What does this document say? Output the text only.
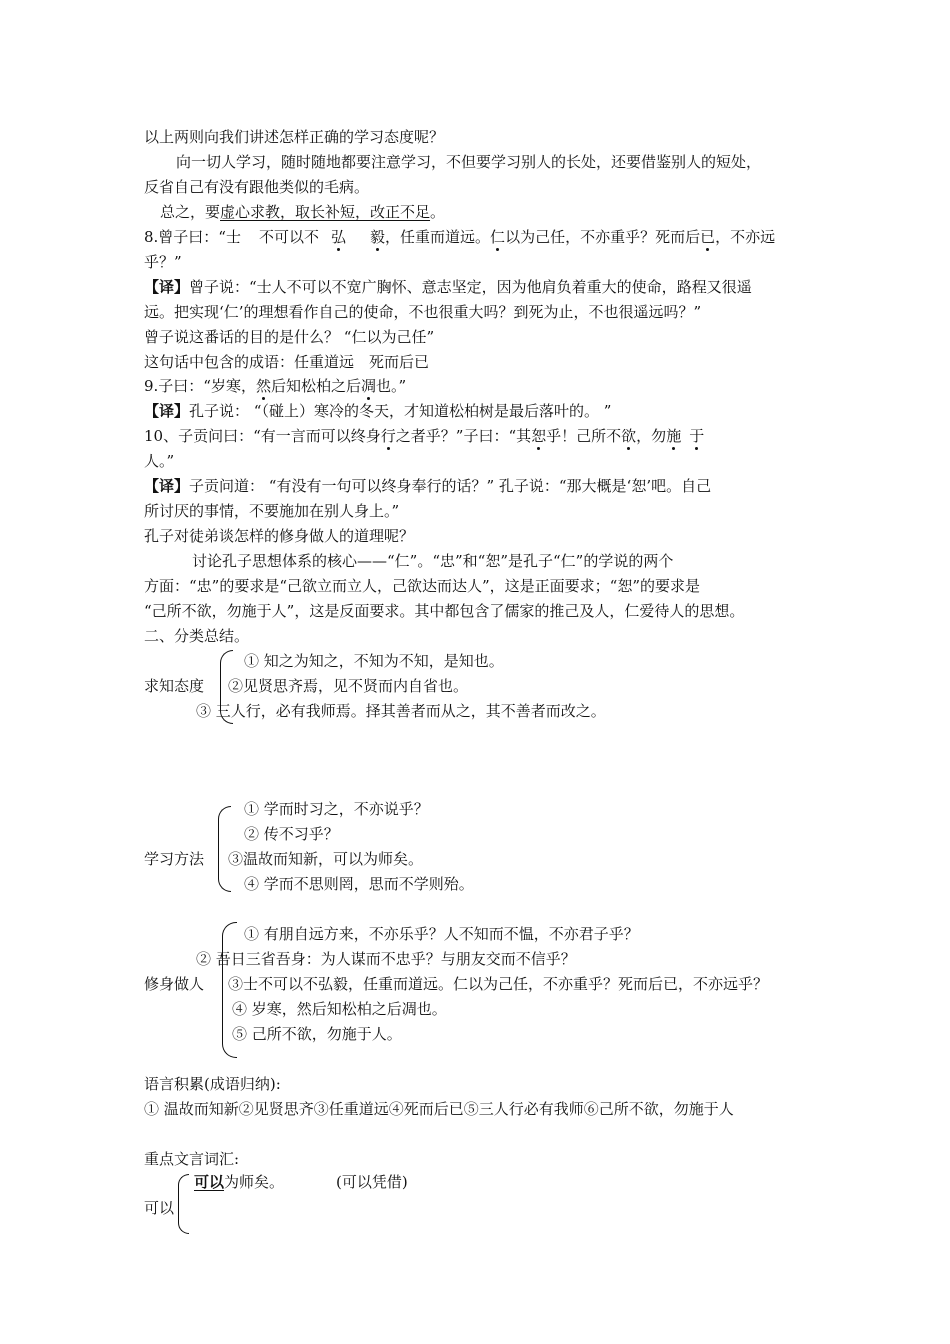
以上两则向我们讲述怎样正确的学习态度呢？
向一切人学习，随时随地都要注意学习，不但要学习别人的长处，还要借鉴别人的短处，
反省自己有没有跟他类似的毛病。
总之，要虚心求教，取长补短，改正不足。
8.曾子曰：“士 不可以不 弘 毅，任重而道远。仁以为己任，不亦重乎？死而后已，不亦远
乎？”
【译】曾子说：“士人不可以不宽广胸怀、意志坚定，因为他肩负着重大的使命，路程又很遥
远。把实现‘仁’的理想看作自己的使命，不也很重大吗？到死为止，不也很遥远吗？”
曾子说这番话的目的是什么？ “仁以为己任”
这句话中包含的成语：任重道远　死而后已
9.子曰：“岁寒，然后知松柏之后凋也。”
【译】孔子说： “（碰上）寒冷的冬天，才知道松柏树是最后落叶的。 ”
10、子贡问曰：“有一言而可以终身行之者乎？”子曰：“其恕乎！己所不欲，勿施 于
人。”
【译】子贡问道： “有没有一句可以终身奉行的话？” 孔子说：“那大概是‘恕’吧。自己
所讨厌的事情，不要施加在别人身上。”
孔子对徒弟谈怎样的修身做人的道理呢？
讨论孔子思想体系的核心——“仁”。“忠”和“恕”是孔子“仁”的学说的两个
方面：“忠”的要求是“己欲立而立人，己欲达而达人”，这是正面要求；“恕”的要求是
“己所不欲，勿施于人”，这是反面要求。其中都包含了儒家的推己及人，仁爱待人的思想。
二、分类总结。
求知态度
① 知之为知之，不知为不知，是知也。
②见贤思齐焉，见不贤而内自省也。
③ 三人行，必有我师焉。择其善者而从之，其不善者而改之。
学习方法
① 学而时习之，不亦说乎？
② 传不习乎？
③温故而知新，可以为师矣。
④ 学而不思则罔，思而不学则殆。
修身做人
① 有朋自远方来，不亦乐乎？人不知而不愠，不亦君子乎？
② 吾日三省吾身：为人谋而不忠乎？与朋友交而不信乎？
③士不可以不弘毅，任重而道远。仁以为己任，不亦重乎？死而后已，不亦远乎？
④ 岁寒，然后知松柏之后凋也。
⑤ 己所不欲，勿施于人。
语言积累(成语归纳):
① 温故而知新②见贤思齐③任重道远④死而后已⑤三人行必有我师⑥己所不欲，勿施于人
重点文言词汇:
可以
可以为师矣。	(可以凭借)
